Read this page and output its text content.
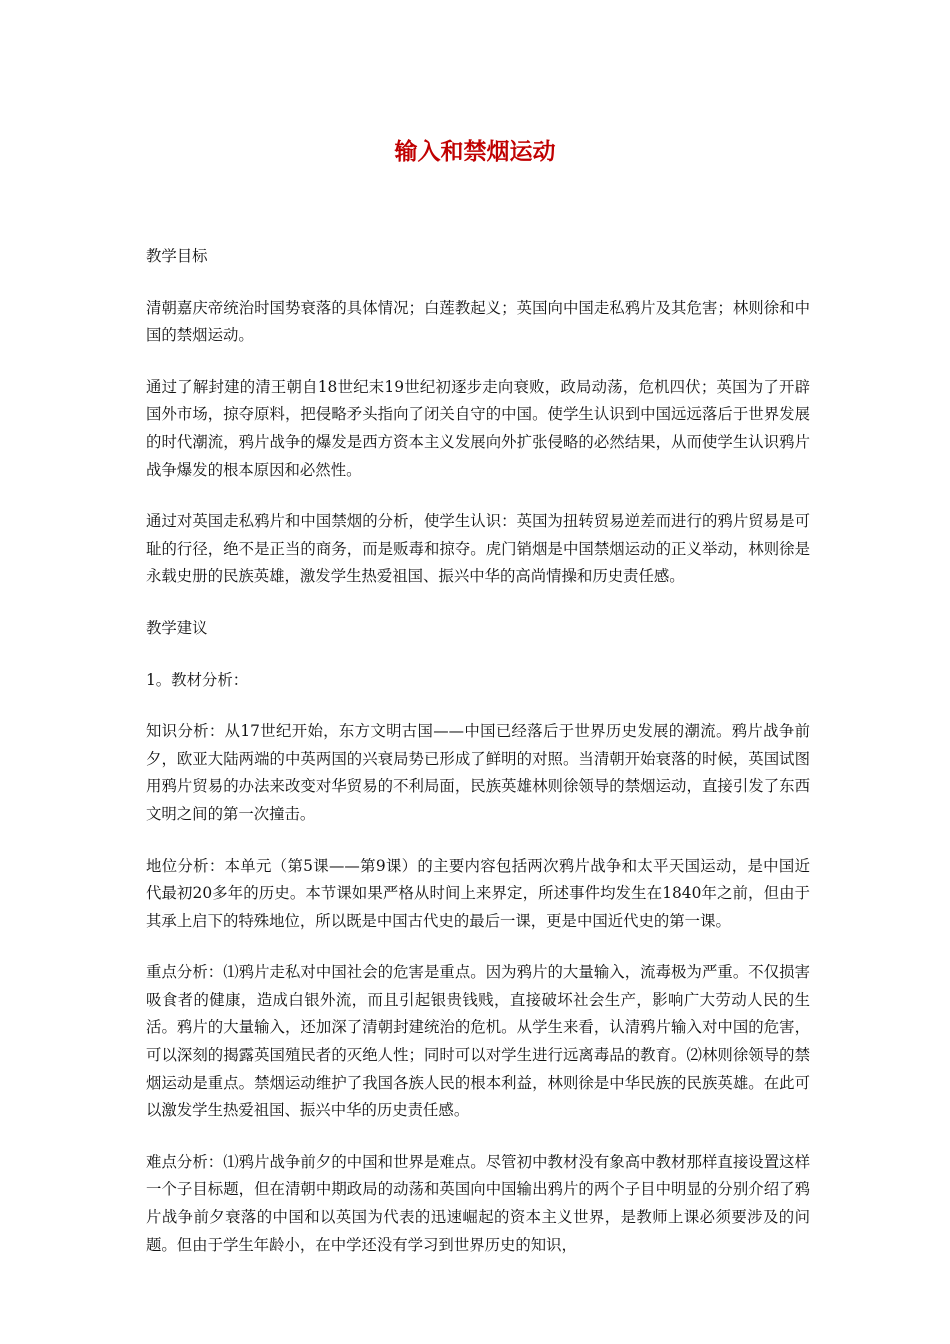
输入和禁烟运动

教学目标

清朝嘉庆帝统治时国势衰落的具体情况；白莲教起义；英国向中国走私鸦片及其危害；林则徐和中国的禁烟运动。

通过了解封建的清王朝自18世纪末19世纪初逐步走向衰败，政局动荡，危机四伏；英国为了开辟国外市场，掠夺原料，把侵略矛头指向了闭关自守的中国。使学生认识到中国远远落后于世界发展的时代潮流，鸦片战争的爆发是西方资本主义发展向外扩张侵略的必然结果，从而使学生认识鸦片战争爆发的根本原因和必然性。

通过对英国走私鸦片和中国禁烟的分析，使学生认识：英国为扭转贸易逆差而进行的鸦片贸易是可耻的行径，绝不是正当的商务，而是贩毒和掠夺。虎门销烟是中国禁烟运动的正义举动，林则徐是永载史册的民族英雄，激发学生热爱祖国、振兴中华的高尚情操和历史责任感。

教学建议

1。教材分析：

知识分析：从17世纪开始，东方文明古国——中国已经落后于世界历史发展的潮流。鸦片战争前夕，欧亚大陆两端的中英两国的兴衰局势已形成了鲜明的对照。当清朝开始衰落的时候，英国试图用鸦片贸易的办法来改变对华贸易的不利局面，民族英雄林则徐领导的禁烟运动，直接引发了东西文明之间的第一次撞击。

地位分析：本单元（第5课——第9课）的主要内容包括两次鸦片战争和太平天国运动，是中国近代最初20多年的历史。本节课如果严格从时间上来界定，所述事件均发生在1840年之前，但由于其承上启下的特殊地位，所以既是中国古代史的最后一课，更是中国近代史的第一课。

重点分析：⑴鸦片走私对中国社会的危害是重点。因为鸦片的大量输入，流毒极为严重。不仅损害吸食者的健康，造成白银外流，而且引起银贵钱贱，直接破坏社会生产，影响广大劳动人民的生活。鸦片的大量输入，还加深了清朝封建统治的危机。从学生来看，认清鸦片输入对中国的危害，可以深刻的揭露英国殖民者的灭绝人性；同时可以对学生进行远离毒品的教育。⑵林则徐领导的禁烟运动是重点。禁烟运动维护了我国各族人民的根本利益，林则徐是中华民族的民族英雄。在此可以激发学生热爱祖国、振兴中华的历史责任感。

难点分析：⑴鸦片战争前夕的中国和世界是难点。尽管初中教材没有象高中教材那样直接设置这样一个子目标题，但在清朝中期政局的动荡和英国向中国输出鸦片的两个子目中明显的分别介绍了鸦片战争前夕衰落的中国和以英国为代表的迅速崛起的资本主义世界，是教师上课必须要涉及的问题。但由于学生年龄小，在中学还没有学习到世界历史的知识，
